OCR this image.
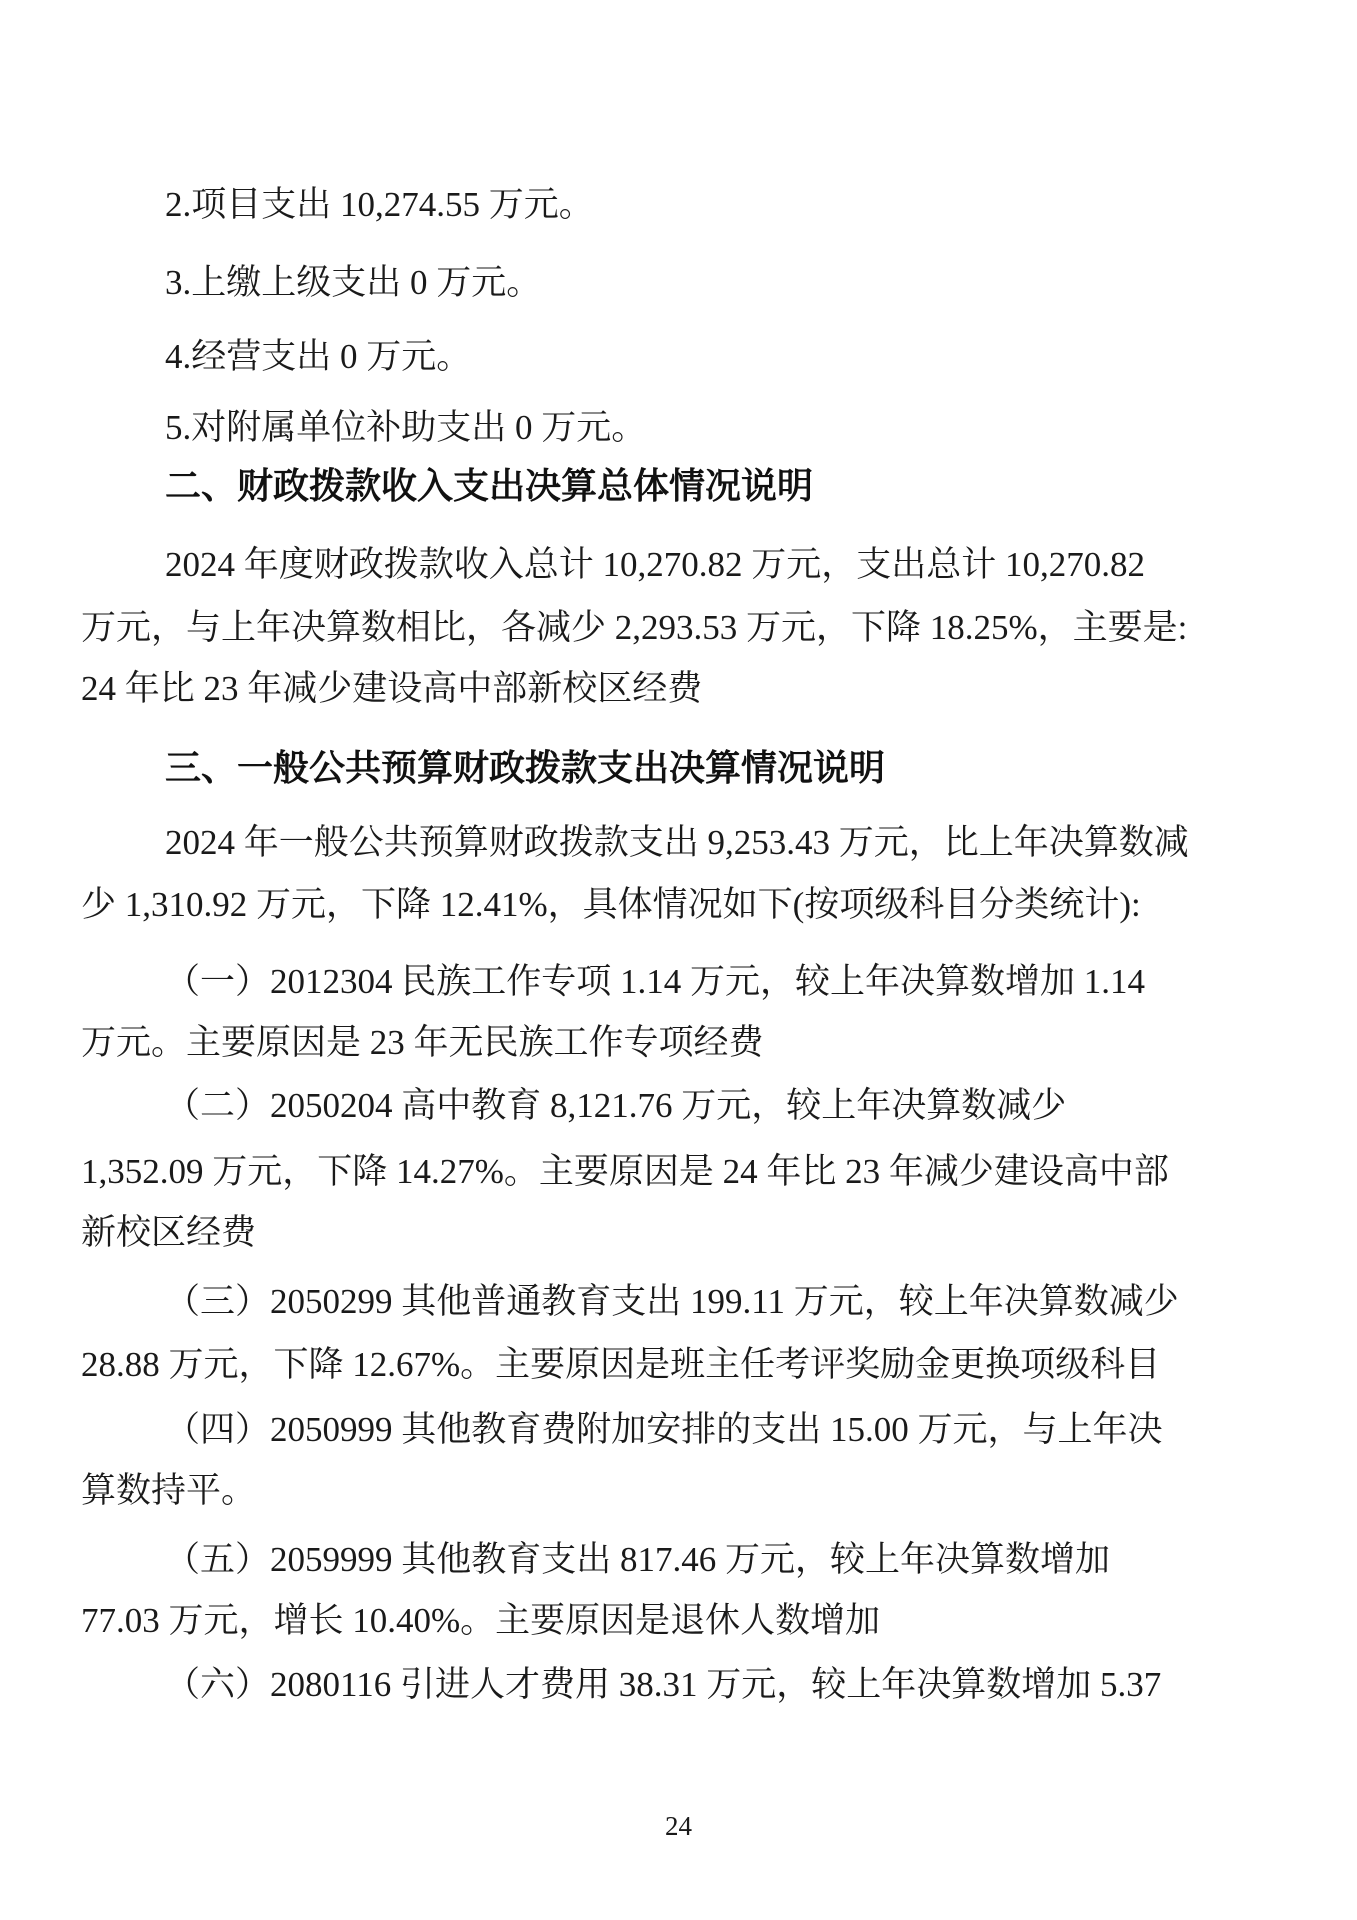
2.项目支出 10,274.55 万元。
3.上缴上级支出 0 万元。
4.经营支出 0 万元。
5.对附属单位补助支出 0 万元。
二、财政拨款收入支出决算总体情况说明
2024 年度财政拨款收入总计 10,270.82 万元，支出总计 10,270.82
万元，与上年决算数相比，各减少 2,293.53 万元，下降 18.25%，主要是:
24 年比 23 年减少建设高中部新校区经费
三、一般公共预算财政拨款支出决算情况说明
2024 年一般公共预算财政拨款支出 9,253.43 万元，比上年决算数减
少 1,310.92 万元，下降 12.41%，具体情况如下(按项级科目分类统计):
（一）2012304 民族工作专项 1.14 万元，较上年决算数增加 1.14
万元。主要原因是 23 年无民族工作专项经费
（二）2050204 高中教育 8,121.76 万元，较上年决算数减少
1,352.09 万元，下降 14.27%。主要原因是 24 年比 23 年减少建设高中部
新校区经费
（三）2050299 其他普通教育支出 199.11 万元，较上年决算数减少
28.88 万元，下降 12.67%。主要原因是班主任考评奖励金更换项级科目
（四）2050999 其他教育费附加安排的支出 15.00 万元，与上年决
算数持平。
（五）2059999 其他教育支出 817.46 万元，较上年决算数增加
77.03 万元，增长 10.40%。主要原因是退休人数增加
（六）2080116 引进人才费用 38.31 万元，较上年决算数增加 5.37
24
